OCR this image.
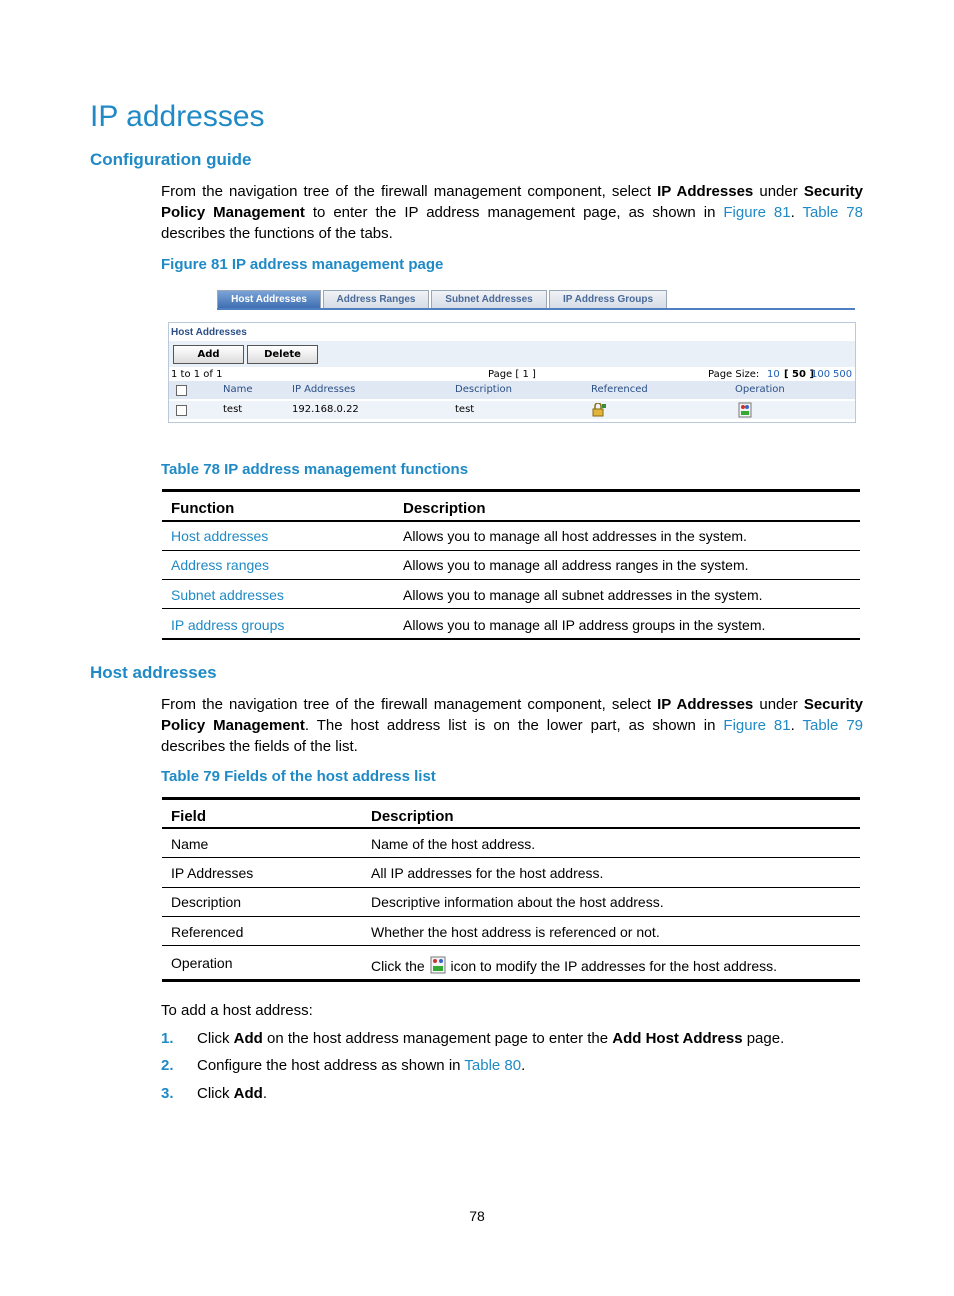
IP addresses
Configuration guide
From the navigation tree of the firewall management component, select IP Addresses under Security Policy Management to enter the IP address management page, as shown in Figure 81. Table 78 describes the functions of the tabs.
Figure 81 IP address management page
Host Addresses	Address Ranges	Subnet Addresses	IP Address Groups
Host Addresses
Add	Delete
1 to 1 of 1	Page [ 1 ]	Page Size: 10 [ 50 ]
100 500
Name	IP Addresses	Description	Referenced	Operation
test	192.168.0.22	test
Table 78 IP address management functions
Function	Description
Host addresses	Allows you to manage all host addresses in the system.
Address ranges	Allows you to manage all address ranges in the system.
Subnet addresses	Allows you to manage all subnet addresses in the system.
IP address groups	Allows you to manage all IP address groups in the system.
Host addresses
From the navigation tree of the firewall management component, select IP Addresses under Security Policy Management. The host address list is on the lower part, as shown in Figure 81. Table 79 describes the fields of the list.
Table 79 Fields of the host address list
Field	Description
Name	Name of the host address.
IP Addresses	All IP addresses for the host address.
Description	Descriptive information about the host address.
Referenced	Whether the host address is referenced or not.
Operation	Click the  icon to modify the IP addresses for the host address.
To add a host address:
1. Click Add on the host address management page to enter the Add Host Address page.
2. Configure the host address as shown in Table 80.
3. Click Add.
78
